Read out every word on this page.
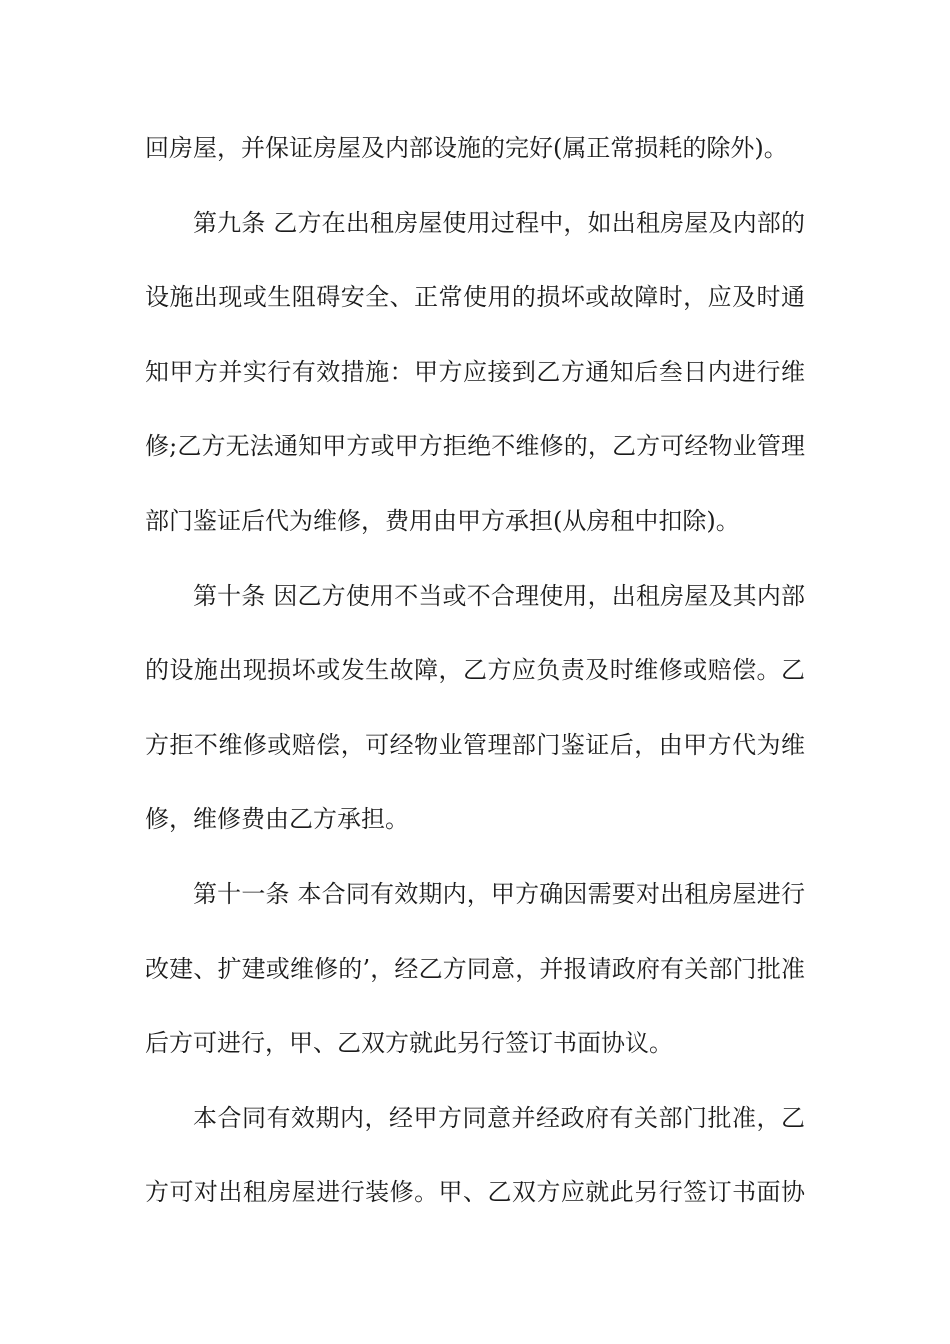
回房屋，并保证房屋及内部设施的完好(属正常损耗的除外)。
第九条 乙方在出租房屋使用过程中，如出租房屋及内部的
设施出现或生阻碍安全、正常使用的损坏或故障时，应及时通
知甲方并实行有效措施：甲方应接到乙方通知后叁日内进行维
修;乙方无法通知甲方或甲方拒绝不维修的，乙方可经物业管理
部门鉴证后代为维修，费用由甲方承担(从房租中扣除)。
第十条 因乙方使用不当或不合理使用，出租房屋及其内部
的设施出现损坏或发生故障，乙方应负责及时维修或赔偿。乙
方拒不维修或赔偿，可经物业管理部门鉴证后，由甲方代为维
修，维修费由乙方承担。
第十一条 本合同有效期内，甲方确因需要对出租房屋进行
改建、扩建或维修的’，经乙方同意，并报请政府有关部门批准
后方可进行，甲、乙双方就此另行签订书面协议。
本合同有效期内，经甲方同意并经政府有关部门批准，乙
方可对出租房屋进行装修。甲、乙双方应就此另行签订书面协
